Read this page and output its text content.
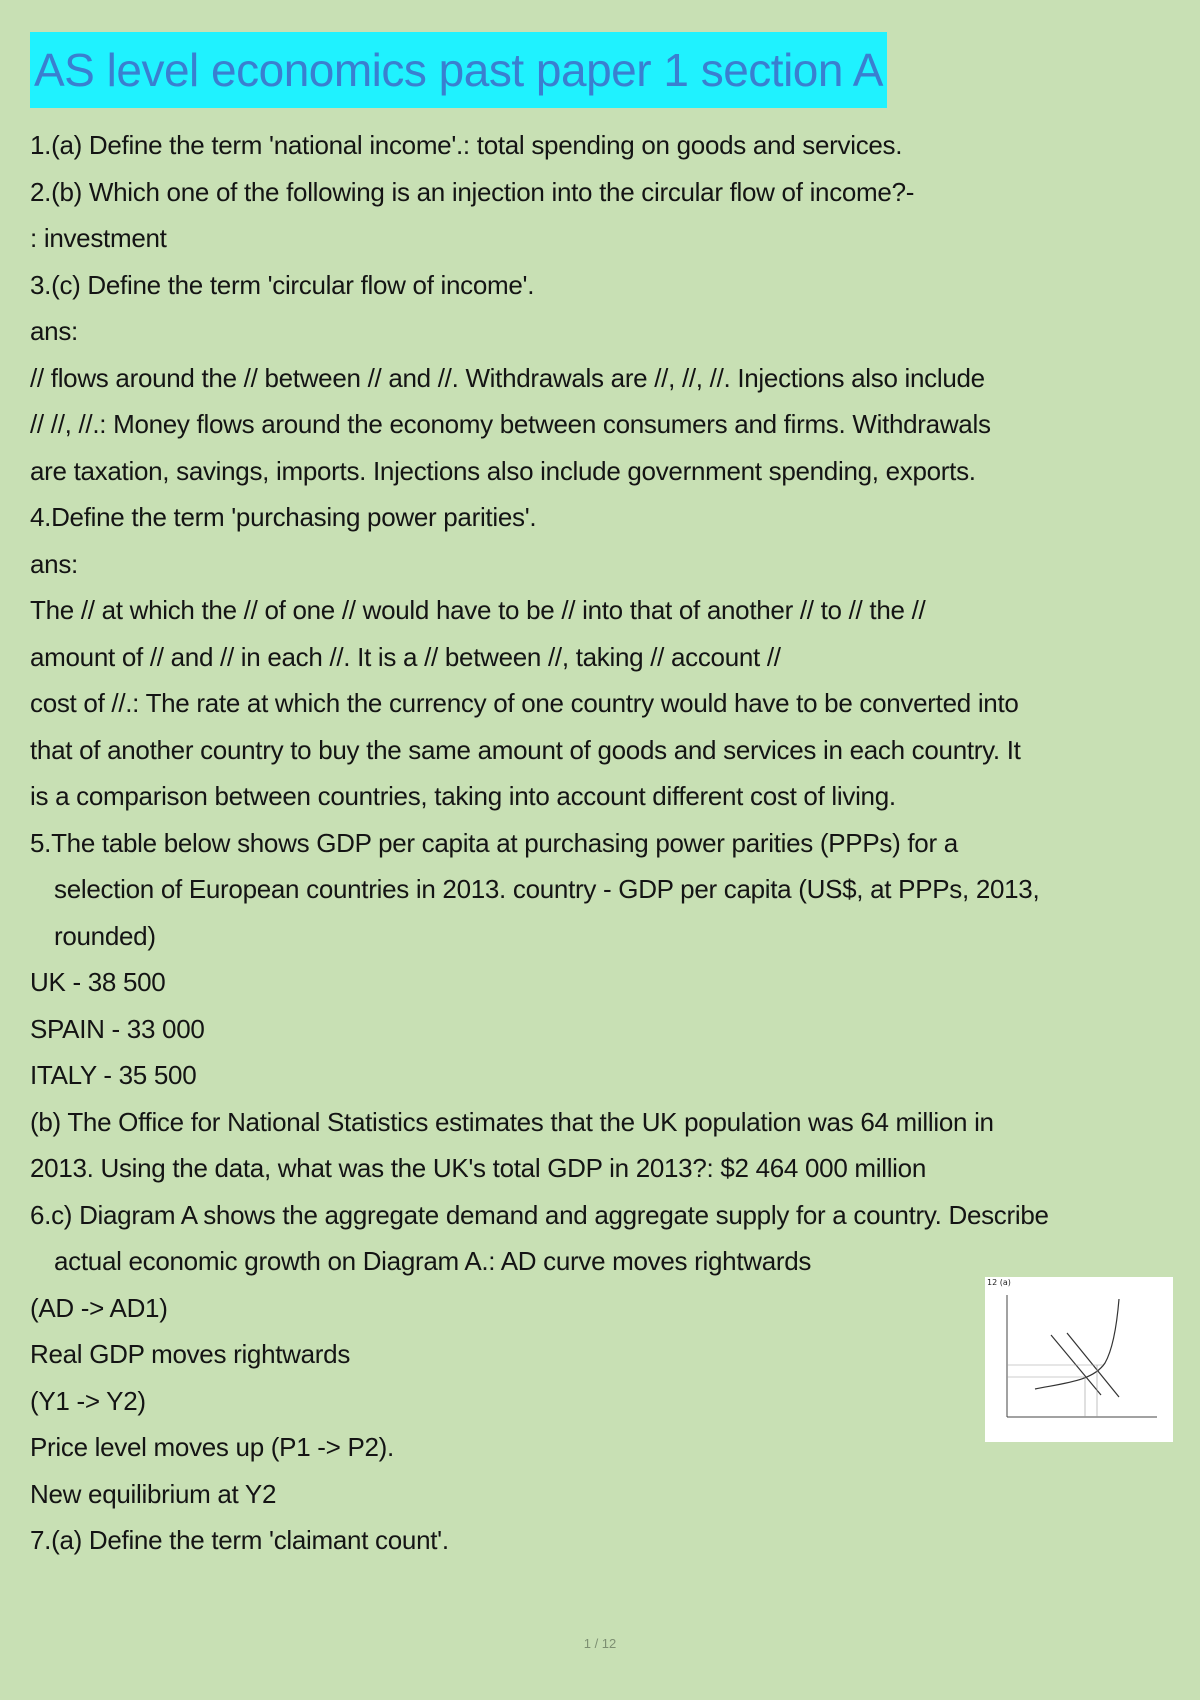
AS level economics past paper 1 section A
1.(a) Define the term 'national income'.: total spending on goods and services.
2.(b) Which one of the following is an injection into the circular flow of income?-
: investment
3.(c) Define the term 'circular flow of income'.
ans:
// flows around the // between // and //. Withdrawals are //, //, //. Injections also include
// //, //.: Money flows around the economy between consumers and firms. Withdrawals
are taxation, savings, imports. Injections also include government spending, exports.
4.Define the term 'purchasing power parities'.
ans:
The // at which the // of one // would have to be // into that of another // to // the //
amount of // and // in each //. It is a // between //, taking // account //
cost of //.: The rate at which the currency of one country would have to be converted into
that of another country to buy the same amount of goods and services in each country. It
is a comparison between countries, taking into account different cost of living.
5.The table below shows GDP per capita at purchasing power parities (PPPs) for a
selection of European countries in 2013. country - GDP per capita (US$, at PPPs, 2013,
rounded)
UK - 38 500
SPAIN - 33 000
ITALY - 35 500
(b) The Office for National Statistics estimates that the UK population was 64 million in
2013. Using the data, what was the UK's total GDP in 2013?: $2 464 000 million
6.c) Diagram A shows the aggregate demand and aggregate supply for a country. Describe
actual economic growth on Diagram A.: AD curve moves rightwards
(AD -> AD1)
Real GDP moves rightwards
(Y1 -> Y2)
Price level moves up (P1 -> P2).
New equilibrium at Y2
7.(a) Define the term 'claimant count'.
12 (a)
1 / 12
